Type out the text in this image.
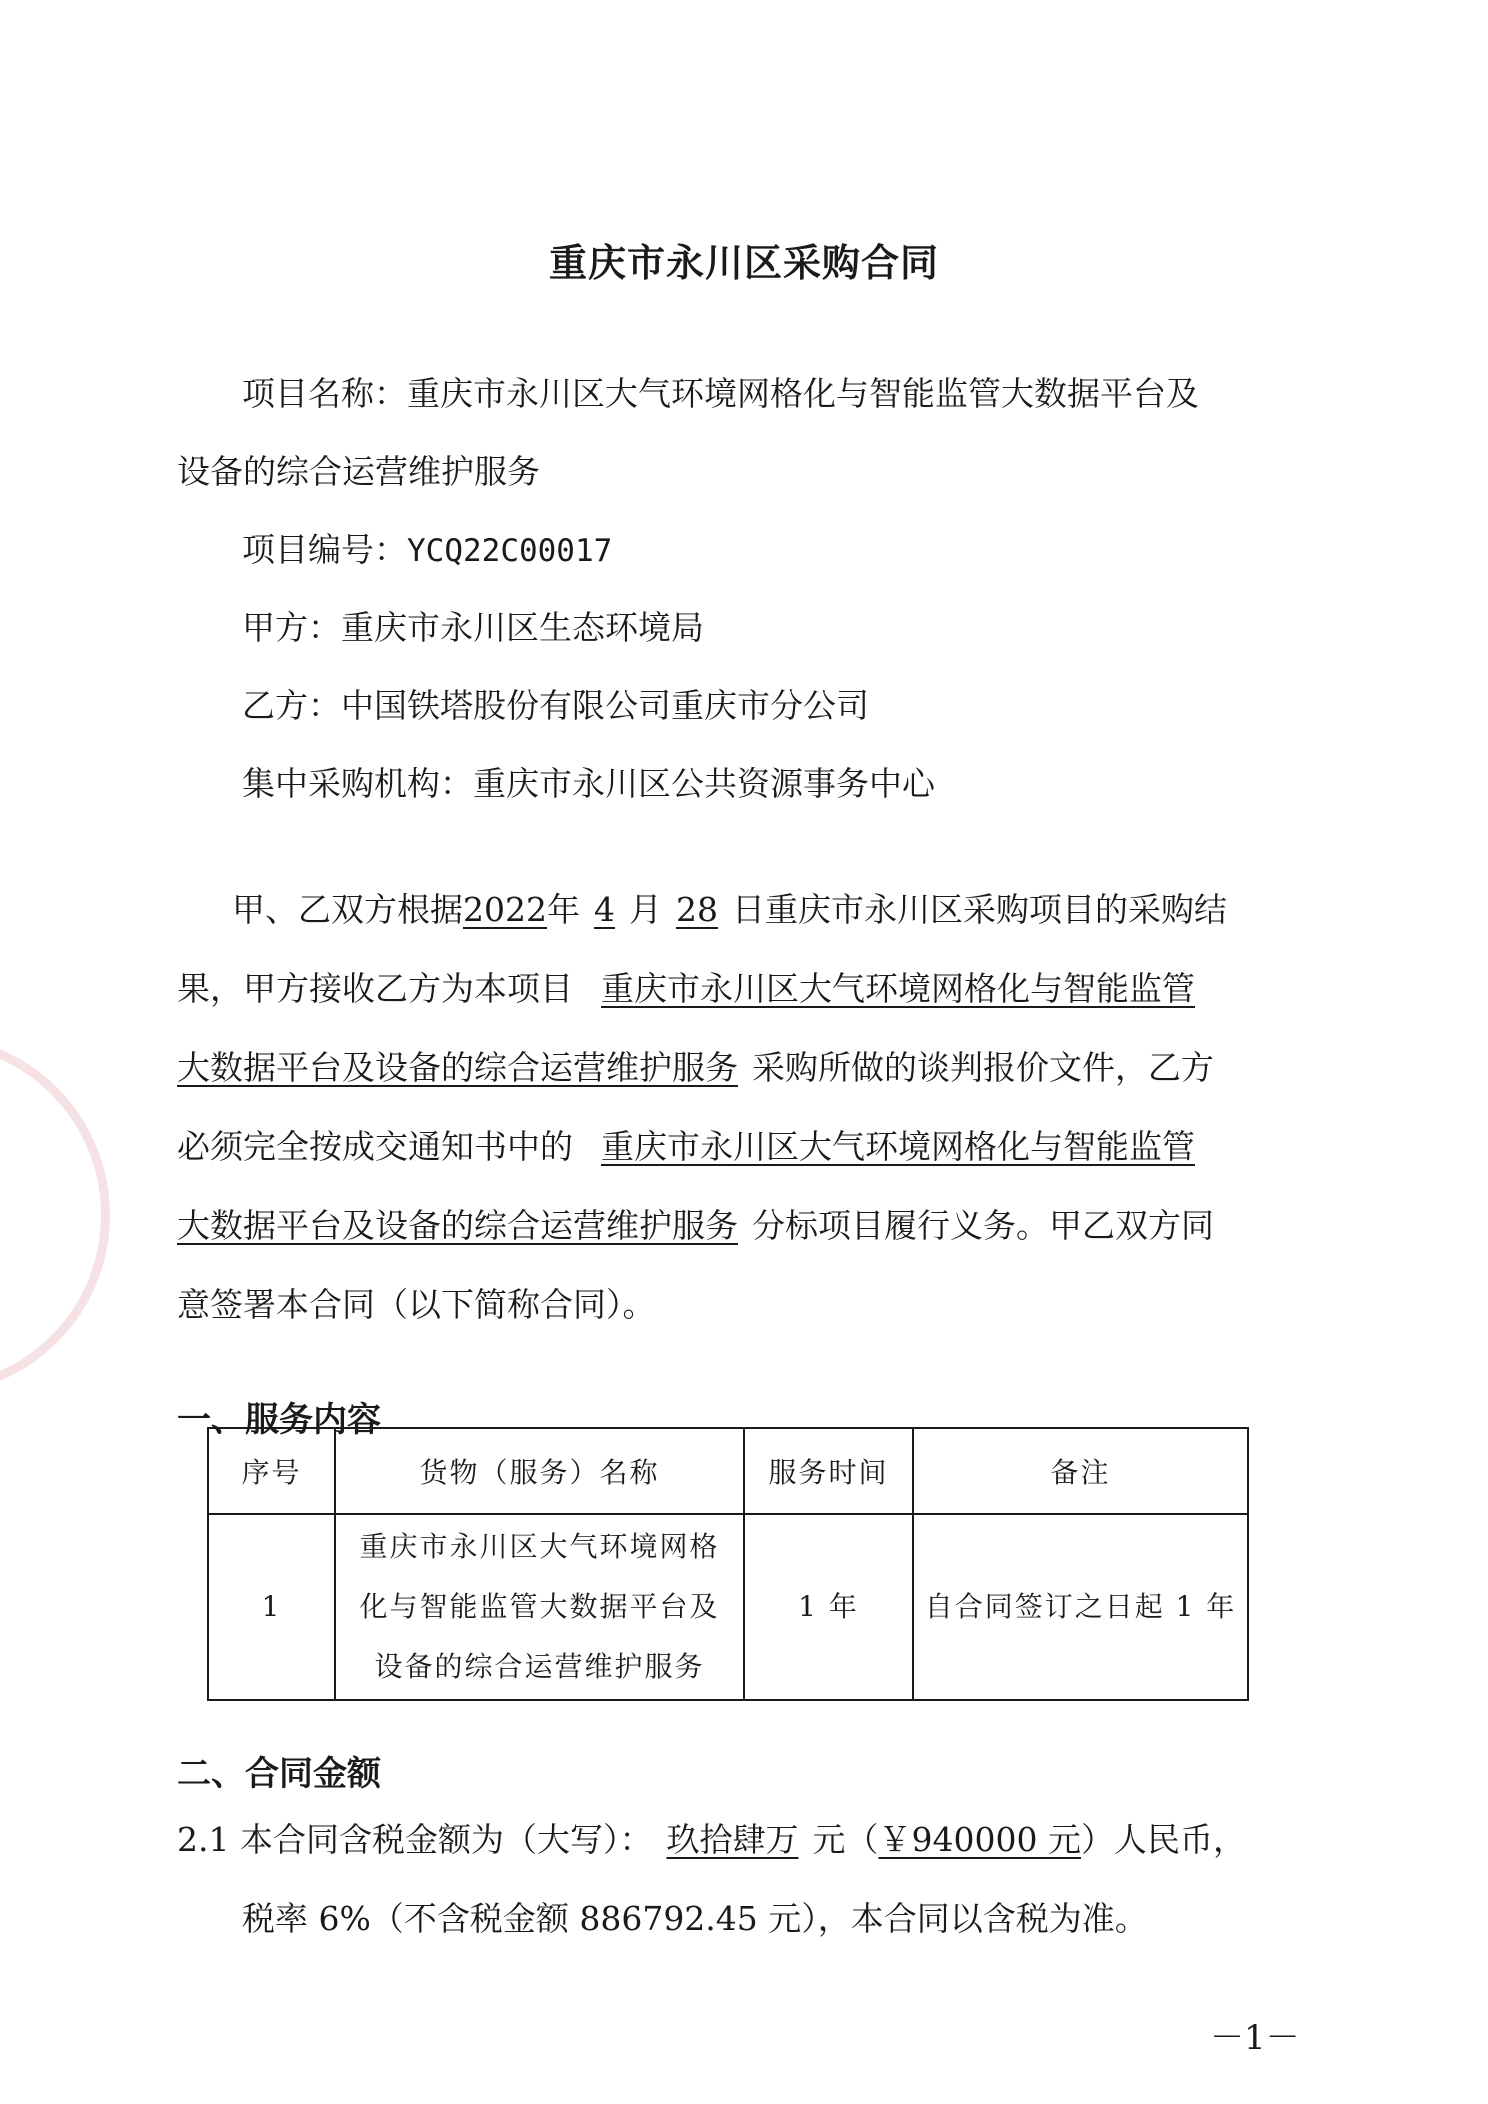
重庆市永川区采购合同
项目名称：重庆市永川区大气环境网格化与智能监管大数据平台及
设备的综合运营维护服务
项目编号：YCQ22C00017
甲方：重庆市永川区生态环境局
乙方：中国铁塔股份有限公司重庆市分公司
集中采购机构：重庆市永川区公共资源事务中心
甲、乙双方根据2022年 4 月 28 日重庆市永川区采购项目的采购结
果，甲方接收乙方为本项目 重庆市永川区大气环境网格化与智能监管
大数据平台及设备的综合运营维护服务 采购所做的谈判报价文件，乙方
必须完全按成交通知书中的 重庆市永川区大气环境网格化与智能监管
大数据平台及设备的综合运营维护服务 分标项目履行义务。甲乙双方同
意签署本合同（以下简称合同）。
一、服务内容
序号	货物（服务）名称	服务时间	备注
1	重庆市永川区大气环境网格
化与智能监管大数据平台及
设备的综合运营维护服务	1 年	自合同签订之日起 1 年
二、合同金额
2.1 本合同含税金额为（大写）： 玖拾肆万 元（￥940000 元）人民币，
税率 6%（不含税金额 886792.45 元），本合同以含税为准。
－1－
